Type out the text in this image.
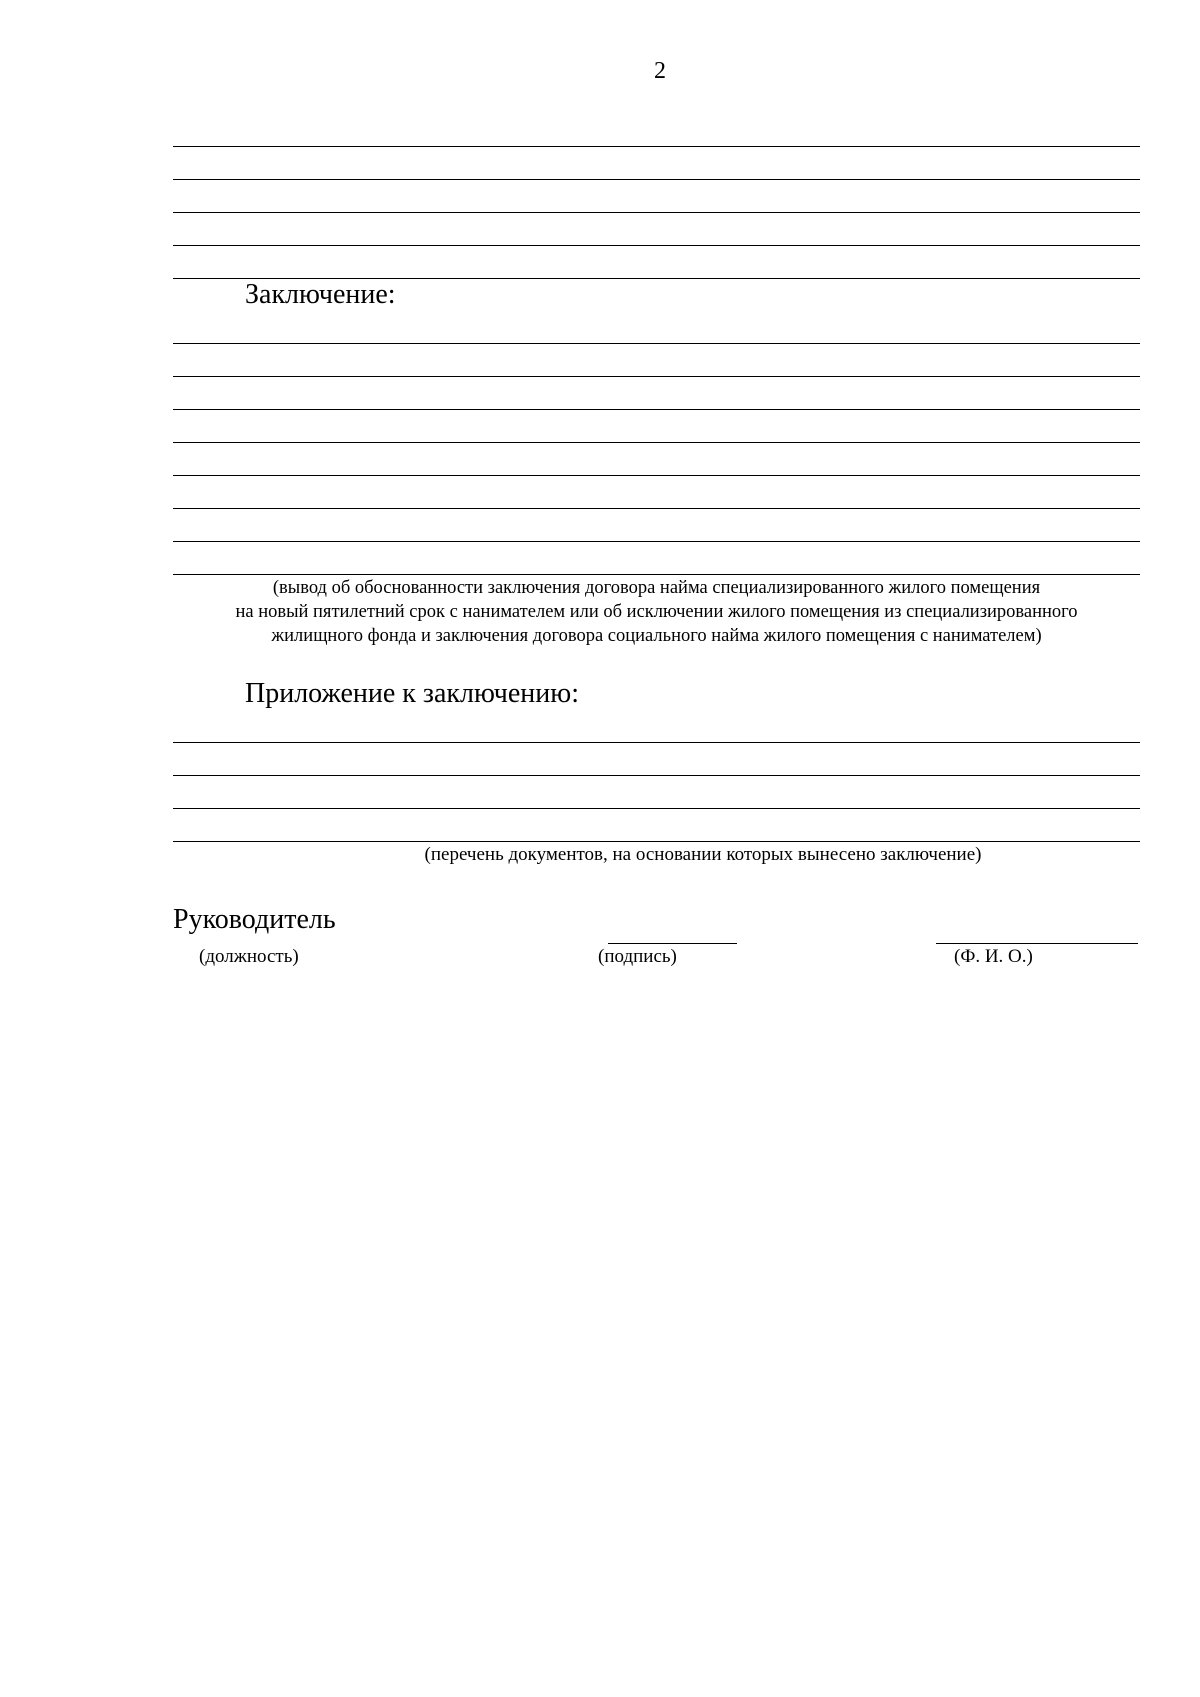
2
Заключение:
(вывод об обоснованности заключения договора найма специализированного жилого помещения
на новый пятилетний срок с нанимателем или об исключении жилого помещения из специализированного
жилищного фонда и заключения договора социального найма жилого помещения с нанимателем)
Приложение к заключению:
(перечень документов, на основании которых вынесено заключение)
Руководитель
(должность)	(подпись)	(Ф. И. О.)
